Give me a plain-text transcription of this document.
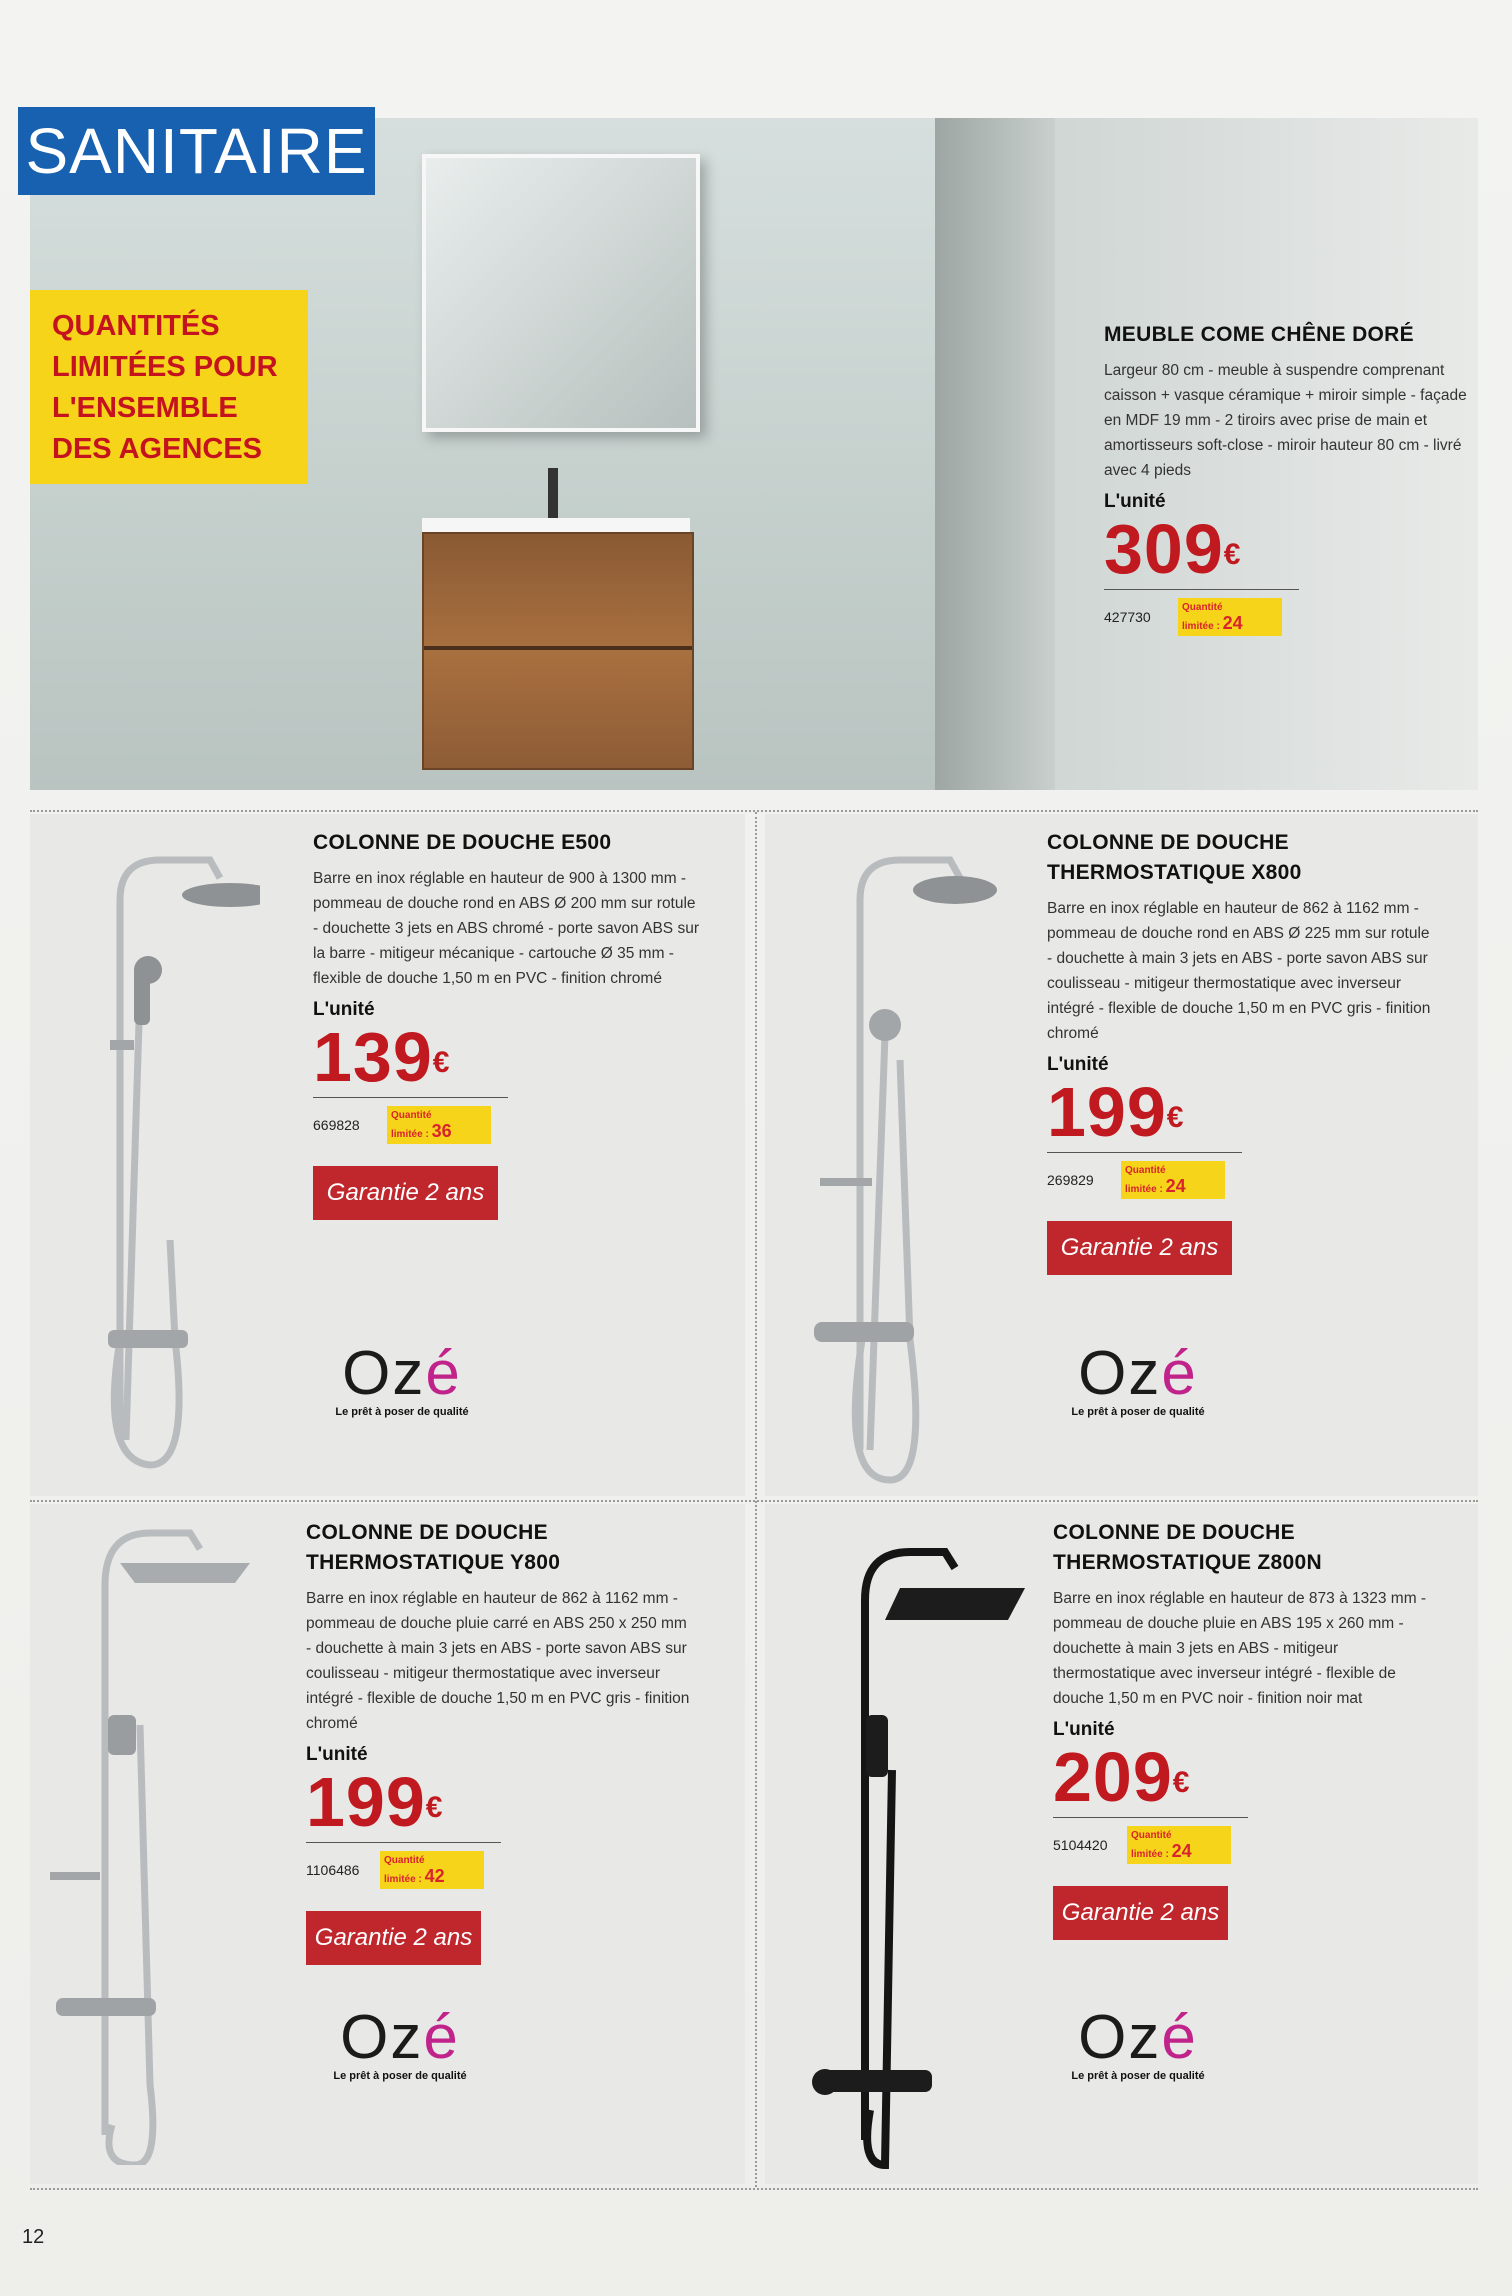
SANITAIRE
QUANTITÉS
LIMITÉES POUR
L'ENSEMBLE
DES AGENCES
MEUBLE COME CHÊNE DORÉ
Largeur 80 cm - meuble à suspendre comprenant caisson + vasque céramique + miroir simple - façade en MDF 19 mm - 2 tiroirs avec prise de main et amortisseurs soft-close - miroir hauteur 80 cm - livré avec 4 pieds
L'unité
309€
427730
Quantité
limitée : 24
COLONNE DE DOUCHE E500
Barre en inox réglable en hauteur de 900 à 1300 mm - pommeau de douche rond en ABS Ø 200 mm sur rotule - douchette 3 jets en ABS chromé - porte savon ABS sur la barre - mitigeur mécanique - cartouche Ø 35 mm - flexible de douche 1,50 m en PVC - finition chromé
L'unité
139€
669828
Quantité
limitée : 36
Garantie 2 ans
Ozé
Le prêt à poser de qualité
COLONNE DE DOUCHE THERMOSTATIQUE X800
Barre en inox réglable en hauteur de 862 à 1162 mm - pommeau de douche rond en ABS Ø 225 mm sur rotule - douchette à main 3 jets en ABS - porte savon ABS sur coulisseau - mitigeur thermostatique avec inverseur intégré - flexible de douche 1,50 m en PVC gris - finition chromé
L'unité
199€
269829
Quantité
limitée : 24
Garantie 2 ans
Ozé
Le prêt à poser de qualité
COLONNE DE DOUCHE THERMOSTATIQUE Y800
Barre en inox réglable en hauteur de 862 à 1162 mm - pommeau de douche pluie carré en ABS 250 x 250 mm - douchette à main 3 jets en ABS - porte savon ABS sur coulisseau - mitigeur thermostatique avec inverseur intégré - flexible de douche 1,50 m en PVC gris - finition chromé
L'unité
199€
1106486
Quantité
limitée : 42
Garantie 2 ans
Ozé
Le prêt à poser de qualité
COLONNE DE DOUCHE THERMOSTATIQUE Z800N
Barre en inox réglable en hauteur de 873 à 1323 mm - pommeau de douche pluie en ABS 195 x 260 mm - douchette à main 3 jets en ABS - mitigeur thermostatique avec inverseur intégré - flexible de douche 1,50 m en PVC noir - finition noir mat
L'unité
209€
5104420
Quantité
limitée : 24
Garantie 2 ans
Ozé
Le prêt à poser de qualité
12
